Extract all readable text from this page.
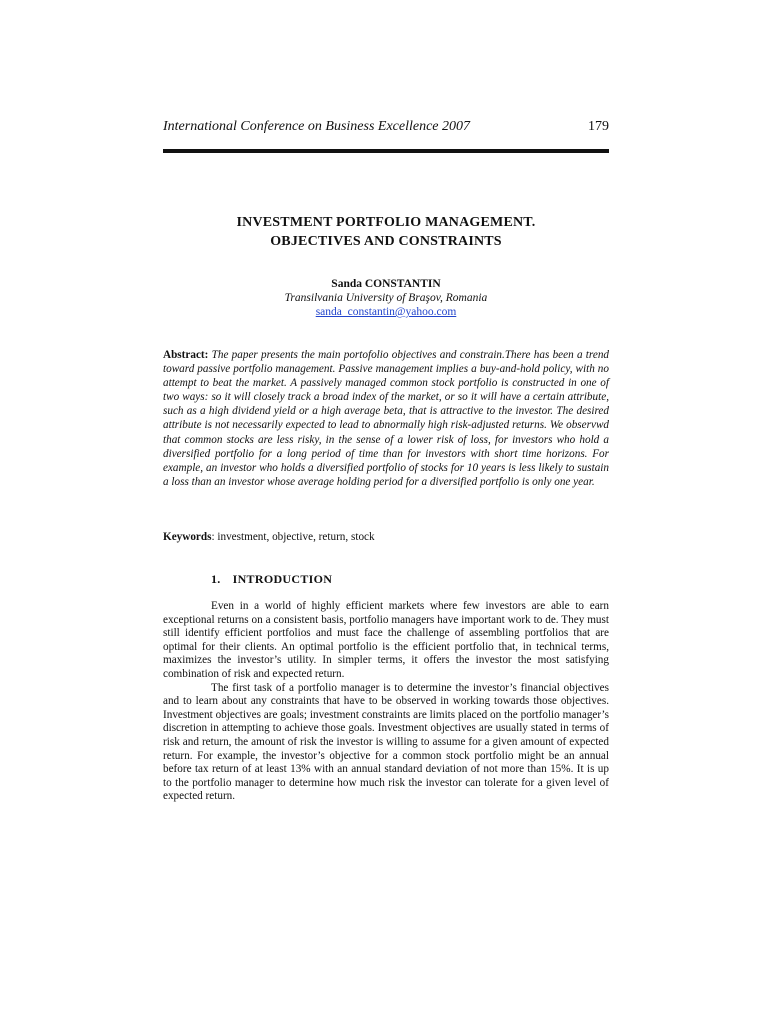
International Conference on Business Excellence 2007	179
INVESTMENT PORTFOLIO MANAGEMENT.
OBJECTIVES AND CONSTRAINTS
Sanda CONSTANTIN
Transilvania University of Braşov, Romania
sanda_constantin@yahoo.com
Abstract: The paper presents the main portofolio objectives and constrain.There has been a trend toward passive portfolio management. Passive management implies a buy-and-hold policy, with no attempt to beat the market. A passively managed common stock portfolio is constructed in one of two ways: so it will closely track a broad index of the market, or so it will have a certain attribute, such as a high dividend yield or a high average beta, that is attractive to the investor. The desired attribute is not necessarily expected to lead to abnormally high risk-adjusted returns. We observwd that common stocks are less risky, in the sense of a lower risk of loss, for investors who hold a diversified portfolio for a long period of time than for investors with short time horizons. For example, an investor who holds a diversified portfolio of stocks for 10 years is less likely to sustain a loss than an investor whose average holding period for a diversified portfolio is only one year.
Keywords: investment, objective, return, stock
1. INTRODUCTION

Even in a world of highly efficient markets where few investors are able to earn exceptional returns on a consistent basis, portfolio managers have important work to de. They must still identify efficient portfolios and must face the challenge of assembling portfolios that are optimal for their clients. An optimal portfolio is the efficient portfolio that, in technical terms, maximizes the investor’s utility. In simpler terms, it offers the investor the most satisfying combination of risk and expected return.

The first task of a portfolio manager is to determine the investor’s financial objectives and to learn about any constraints that have to be observed in working towards those objectives. Investment objectives are goals; investment constraints are limits placed on the portfolio manager’s discretion in attempting to achieve those goals. Investment objectives are usually stated in terms of risk and return, the amount of risk the investor is willing to assume for a given amount of expected return. For example, the investor’s objective for a common stock portfolio might be an annual before tax return of at least 13% with an annual standard deviation of not more than 15%. It is up to the portfolio manager to determine how much risk the investor can tolerate for a given level of expected return.
